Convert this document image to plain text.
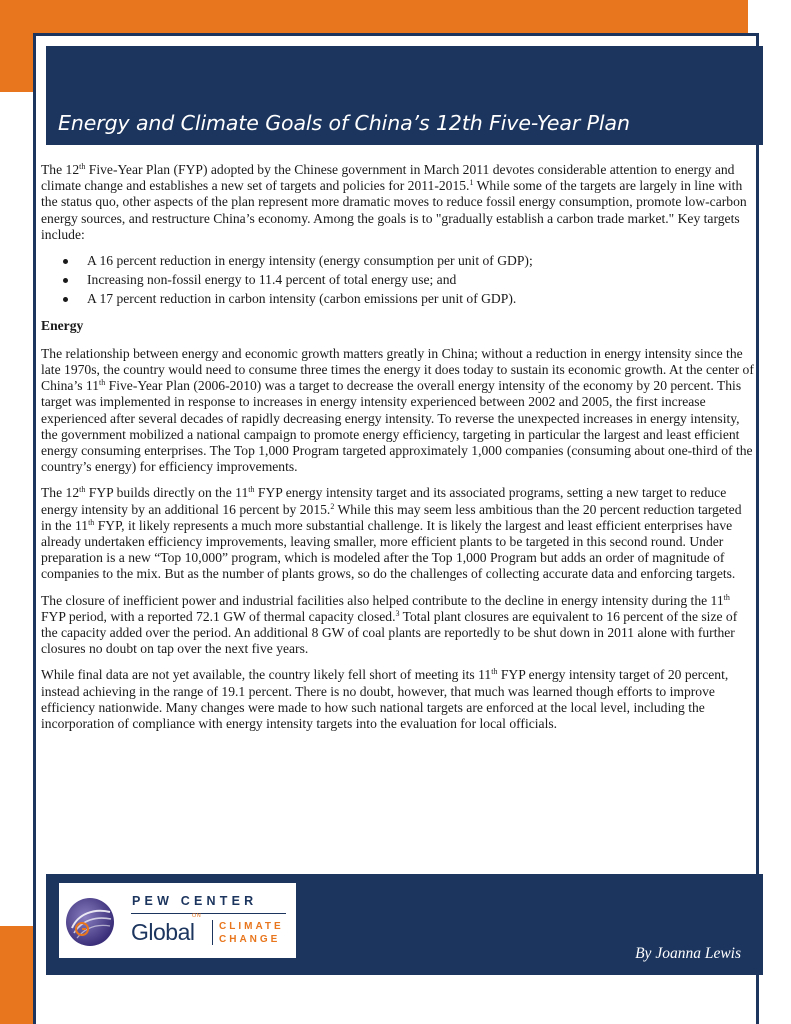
Energy and Climate Goals of China’s 12th Five-Year Plan

The 12th Five-Year Plan (FYP) adopted by the Chinese government in March 2011 devotes considerable attention to energy and climate change and establishes a new set of targets and policies for 2011-2015.$^1$ While some of the targets are largely in line with the status quo, other aspects of the plan represent more dramatic moves to reduce fossil energy consumption, promote low-carbon energy sources, and restructure China’s economy. Among the goals is to "gradually establish a carbon trade market." Key targets include:

A 16 percent reduction in energy intensity (energy consumption per unit of GDP);
Increasing non-fossil energy to 11.4 percent of total energy use; and
A 17 percent reduction in carbon intensity (carbon emissions per unit of GDP).
Energy

The relationship between energy and economic growth matters greatly in China; without a reduction in energy intensity since the late 1970s, the country would need to consume three times the energy it does today to sustain its economic growth. At the center of China’s 11th Five-Year Plan (2006-2010) was a target to decrease the overall energy intensity of the economy by 20 percent. This target was implemented in response to increases in energy intensity experienced between 2002 and 2005, the first increase experienced after several decades of rapidly decreasing energy intensity. To reverse the unexpected increases in energy intensity, the government mobilized a national campaign to promote energy efficiency, targeting in particular the largest and least efficient energy consuming enterprises. The Top 1,000 Program targeted approximately 1,000 companies (consuming about one-third of the country’s energy) for efficiency improvements.

The 12th FYP builds directly on the 11th FYP energy intensity target and its associated programs, setting a new target to reduce energy intensity by an additional 16 percent by 2015.$^2$ While this may seem less ambitious than the 20 percent reduction targeted in the 11th FYP, it likely represents a much more substantial challenge. It is likely the largest and least efficient enterprises have already undertaken efficiency improvements, leaving smaller, more efficient plants to be targeted in this second round. Under preparation is a new “Top 10,000” program, which is modeled after the Top 1,000 Program but adds an order of magnitude of companies to the mix. But as the number of plants grows, so do the challenges of collecting accurate data and enforcing targets.

The closure of inefficient power and industrial facilities also helped contribute to the decline in energy intensity during the 11th FYP period, with a reported 72.1 GW of thermal capacity closed.$^3$ Total plant closures are equivalent to 16 percent of the size of the capacity added over the period. An additional 8 GW of coal plants are reportedly to be shut down in 2011 alone with further closures no doubt on tap over the next five years.

While final data are not yet available, the country likely fell short of meeting its 11th FYP energy intensity target of 20 percent, instead achieving in the range of 19.1 percent. There is no doubt, however, that much was learned though efforts to improve efficiency nationwide. Many changes were made to how such national targets are enforced at the local level, including the incorporation of compliance with energy intensity targets into the evaluation for local officials.

PEW CENTER

ON
Global CLIMATE
CHANGE
By Joanna Lewis
